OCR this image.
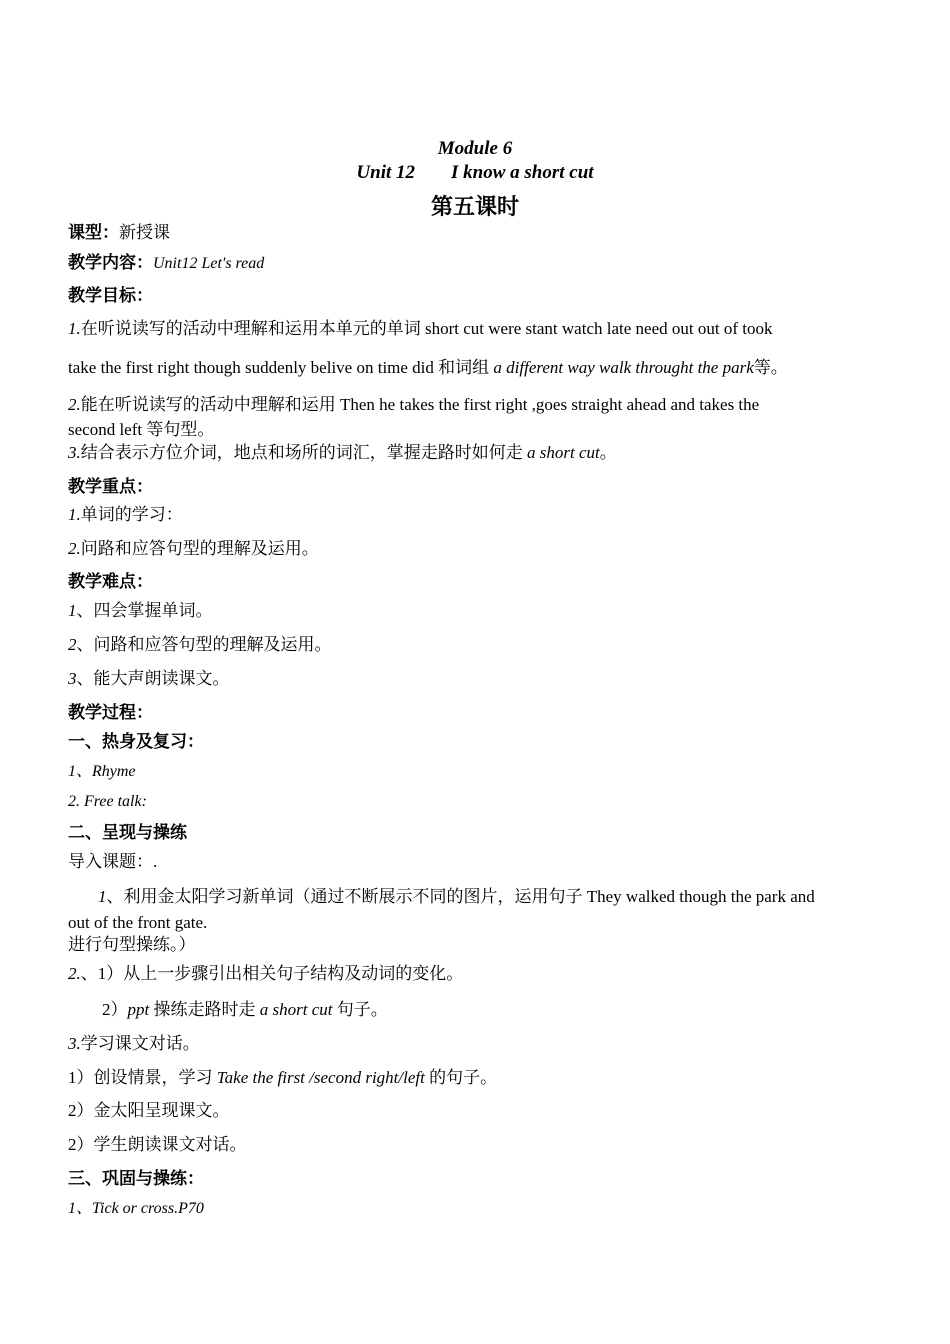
Module 6
Unit 12 I know a short cut
第五课时
课型：新授课
教学内容：Unit12 Let's read
教学目标：
1.在听说读写的活动中理解和运用本单元的单词 short cut were stant watch late need out out of took
take the first right though suddenly belive on time did 和词组 a different way walk throught the park等。
2.能在听说读写的活动中理解和运用 Then he takes the first right ,goes straight ahead and takes the
second left 等句型。
3.结合表示方位介词，地点和场所的词汇，掌握走路时如何走 a short cut。
教学重点：
1.单词的学习：
2.问路和应答句型的理解及运用。
教学难点：
1、四会掌握单词。
2、问路和应答句型的理解及运用。
3、能大声朗读课文。
教学过程：
一、热身及复习：
1、Rhyme
2. Free talk:
二、呈现与操练
导入课题：.
1、利用金太阳学习新单词（通过不断展示不同的图片，运用句子 They walked though the park and
out of the front gate.
进行句型操练。）
2.、1）从上一步骤引出相关句子结构及动词的变化。
2）ppt 操练走路时走 a short cut 句子。
3.学习课文对话。
1）创设情景，学习 Take the first /second right/left 的句子。
2）金太阳呈现课文。
2）学生朗读课文对话。
三、巩固与操练：
1、Tick or cross.P70
